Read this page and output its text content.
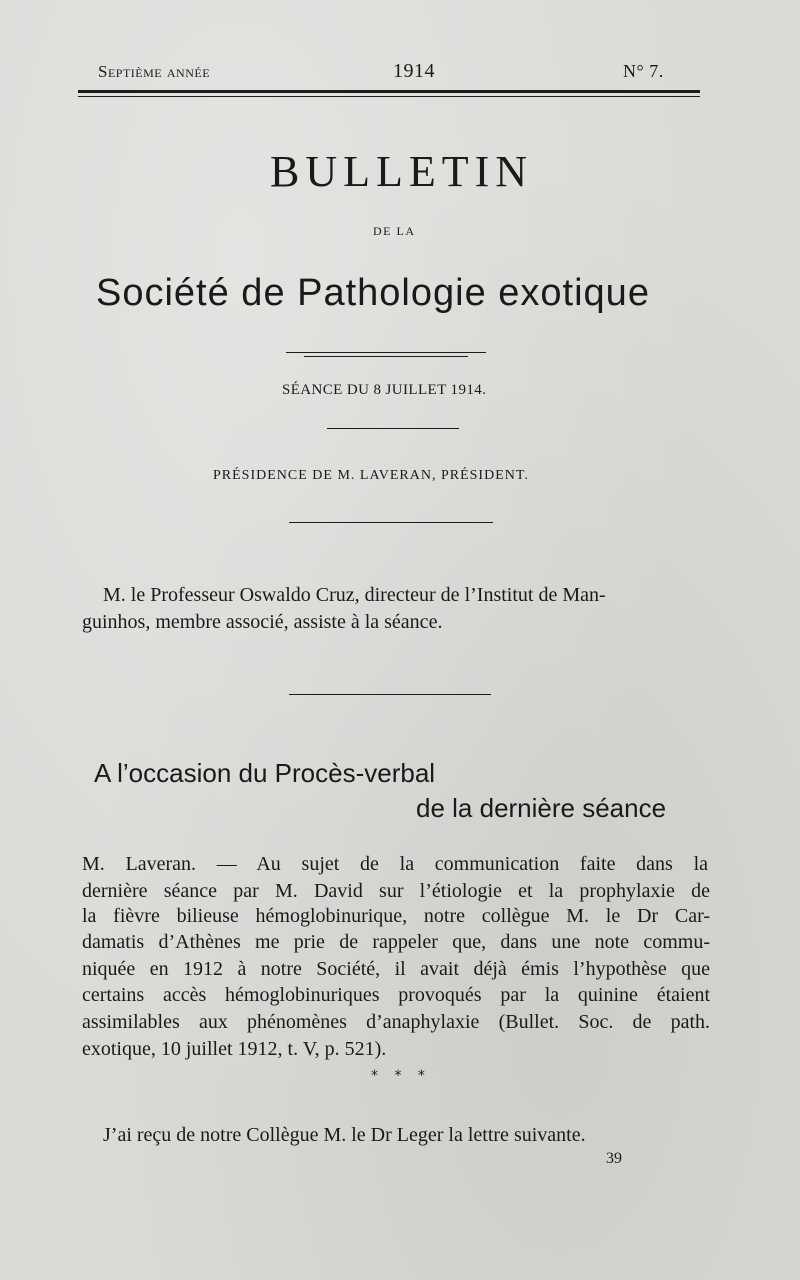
Septième année	1914	N° 7.
BULLETIN
DE LA
Société de Pathologie exotique
SÉANCE DU 8 JUILLET 1914.
PRÉSIDENCE DE M. LAVERAN, PRÉSIDENT.
M. le Professeur Oswaldo Cruz, directeur de l’Institut de Man-
guinhos, membre associé, assiste à la séance.
A l’occasion du Procès-verbal
de la dernière séance
M. Laveran. — Au sujet de la communication faite dans la
dernière séance par M. David sur l’étiologie et la prophylaxie de
la fièvre bilieuse hémoglobinurique, notre collègue M. le Dr Car-
damatis d’Athènes me prie de rappeler que, dans une note commu-
niquée en 1912 à notre Société, il avait déjà émis l’hypothèse que
certains accès hémoglobinuriques provoqués par la quinine étaient
assimilables aux phénomènes d’anaphylaxie (Bullet. Soc. de path.
exotique, 10 juillet 1912, t. V, p. 521).
* * *
J’ai reçu de notre Collègue M. le Dr Leger la lettre suivante.
39
